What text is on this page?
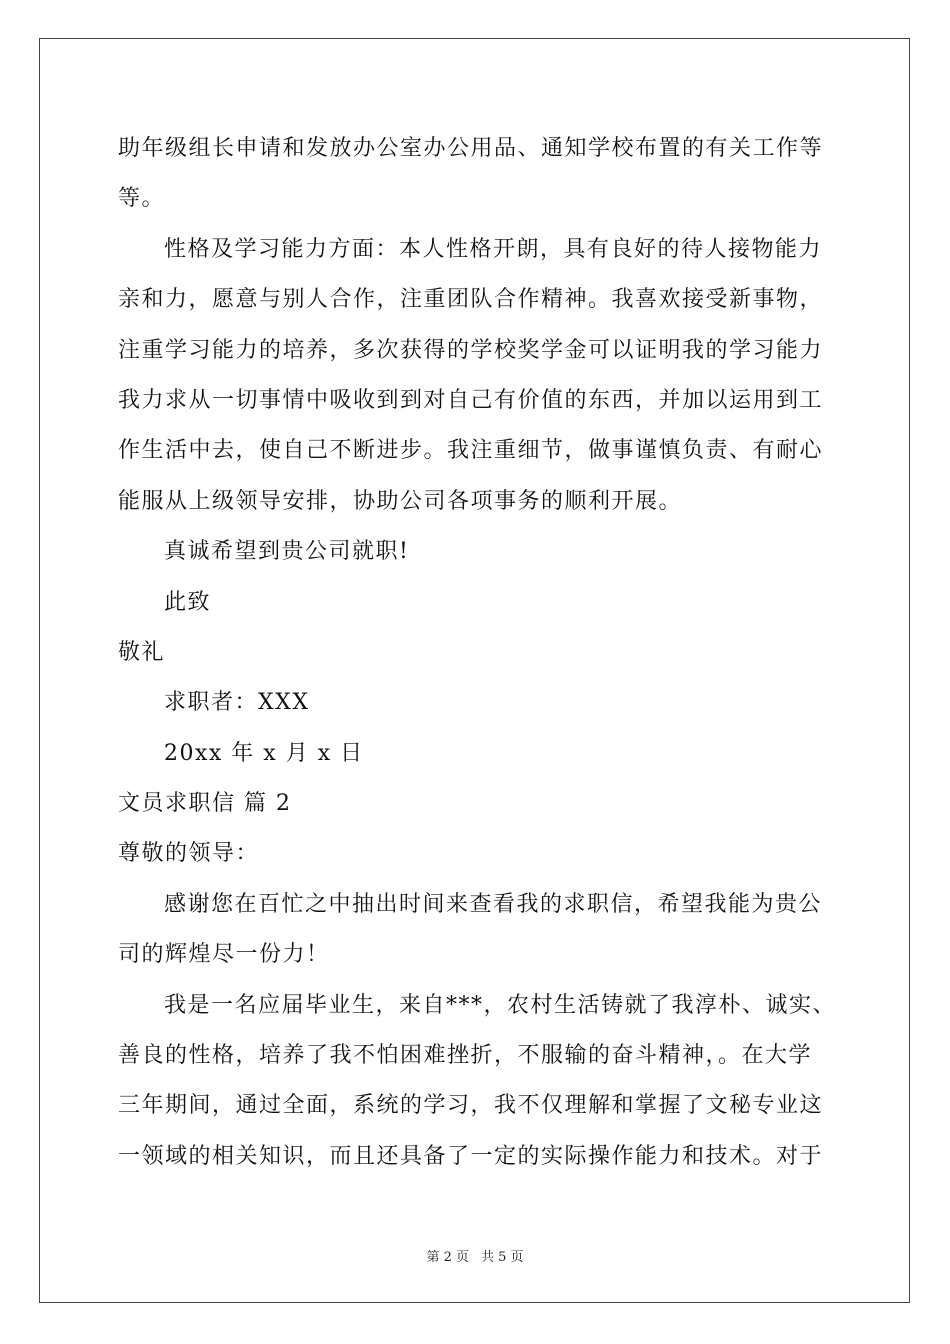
助年级组长申请和发放办公室办公用品、通知学校布置的有关工作等
等。
性格及学习能力方面：本人性格开朗，具有良好的待人接物能力
亲和力，愿意与别人合作，注重团队合作精神。我喜欢接受新事物，
注重学习能力的培养，多次获得的学校奖学金可以证明我的学习能力
我力求从一切事情中吸收到到对自己有价值的东西，并加以运用到工
作生活中去，使自己不断进步。我注重细节，做事谨慎负责、有耐心
能服从上级领导安排，协助公司各项事务的顺利开展。
真诚希望到贵公司就职!
此致
敬礼
求职者：XXX
20xx 年 x 月 x 日
文员求职信 篇 2
尊敬的领导：
感谢您在百忙之中抽出时间来查看我的求职信，希望我能为贵公
司的辉煌尽一份力！
我是一名应届毕业生，来自***，农村生活铸就了我淳朴、诚实、
善良的性格，培养了我不怕困难挫折，不服输的奋斗精神，。在大学
三年期间，通过全面，系统的学习，我不仅理解和掌握了文秘专业这
一领域的相关知识，而且还具备了一定的实际操作能力和技术。对于
第 2 页 共 5 页
